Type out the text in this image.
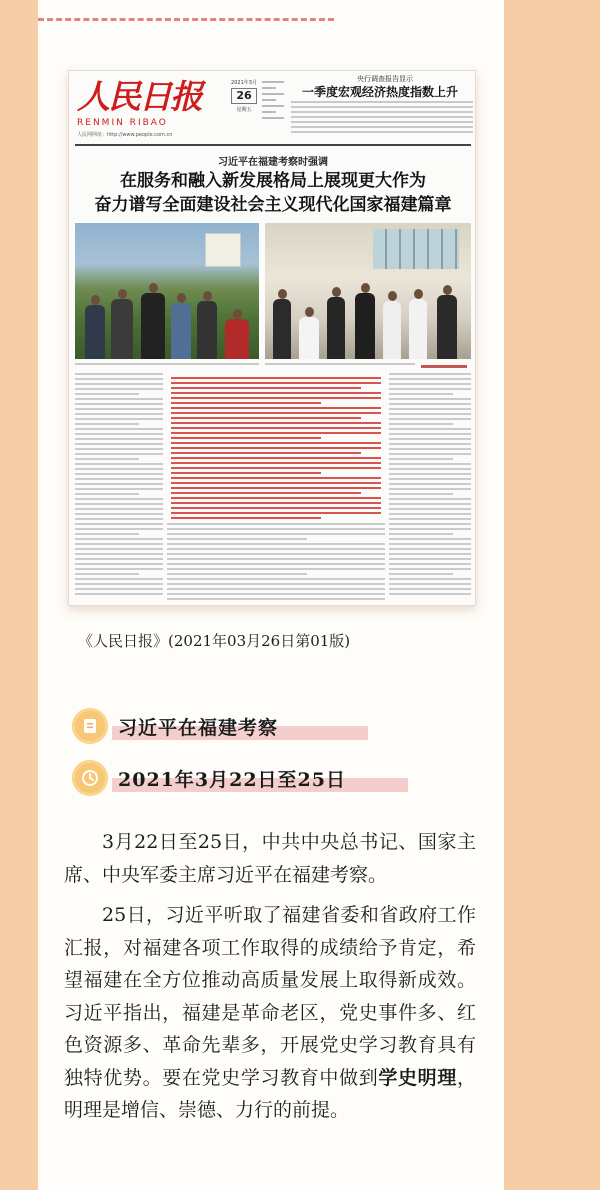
人民日报
RENMIN RIBAO
人民网网址：http://www.people.com.cn
2021年3月
26
星期五
央行调查报告显示
一季度宏观经济热度指数上升
习近平在福建考察时强调
在服务和融入新发展格局上展现更大作为
奋力谱写全面建设社会主义现代化国家福建篇章
《人民日报》(2021年03月26日第01版)
习近平在福建考察
2021年3月22日至25日

3月22日至25日，中共中央总书记、国家主席、中央军委主席习近平在福建考察。

25日，习近平听取了福建省委和省政府工作汇报，对福建各项工作取得的成绩给予肯定，希望福建在全方位推动高质量发展上取得新成效。习近平指出，福建是革命老区，党史事件多、红色资源多、革命先辈多，开展党史学习教育具有独特优势。要在党史学习教育中做到学史明理，明理是增信、崇德、力行的前提。
